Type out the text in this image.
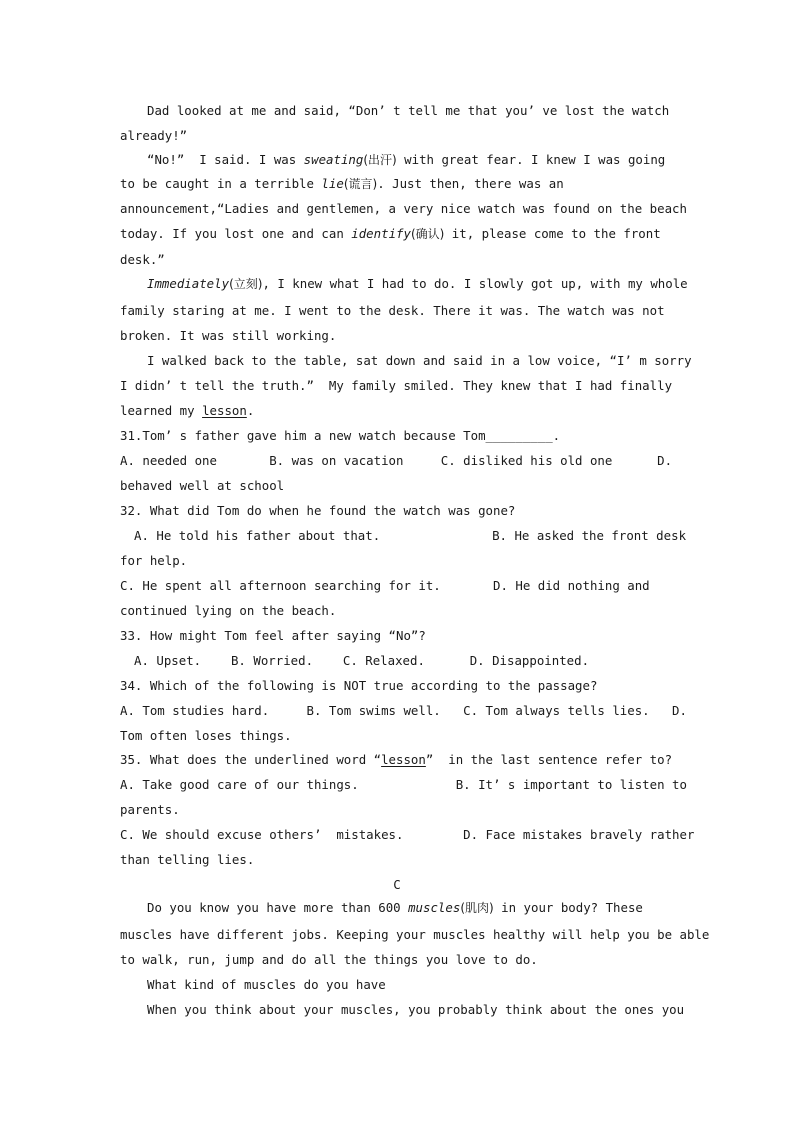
Dad looked at me and said, “Don’ t tell me that you’ ve lost the watch
already!”
“No!”  I said. I was sweating(出汗) with great fear. I knew I was going
to be caught in a terrible lie(谎言). Just then, there was an
announcement,“Ladies and gentlemen, a very nice watch was found on the beach
today. If you lost one and can identify(确认) it, please come to the front
desk.”
Immediately(立刻), I knew what I had to do. I slowly got up, with my whole
family staring at me. I went to the desk. There it was. The watch was not
broken. It was still working.
I walked back to the table, sat down and said in a low voice, “I’ m sorry
I didn’ t tell the truth.”  My family smiled. They knew that I had finally
learned my lesson.
31.Tom’ s father gave him a new watch because Tom_________.
A. needed one       B. was on vacation     C. disliked his old one      D.
behaved well at school
32. What did Tom do when he found the watch was gone?
A. He told his father about that.               B. He asked the front desk
for help.
C. He spent all afternoon searching for it.       D. He did nothing and
continued lying on the beach.
33. How might Tom feel after saying “No”?
A. Upset.    B. Worried.    C. Relaxed.      D. Disappointed.
34. Which of the following is NOT true according to the passage?
A. Tom studies hard.     B. Tom swims well.   C. Tom always tells lies.   D.
Tom often loses things.
35. What does the underlined word “lesson”  in the last sentence refer to?
A. Take good care of our things.             B. It’ s important to listen to
parents.
C. We should excuse others’  mistakes.        D. Face mistakes bravely rather
than telling lies.
C
Do you know you have more than 600 muscles(肌肉) in your body? These
muscles have different jobs. Keeping your muscles healthy will help you be able
to walk, run, jump and do all the things you love to do.
What kind of muscles do you have
When you think about your muscles, you probably think about the ones you
